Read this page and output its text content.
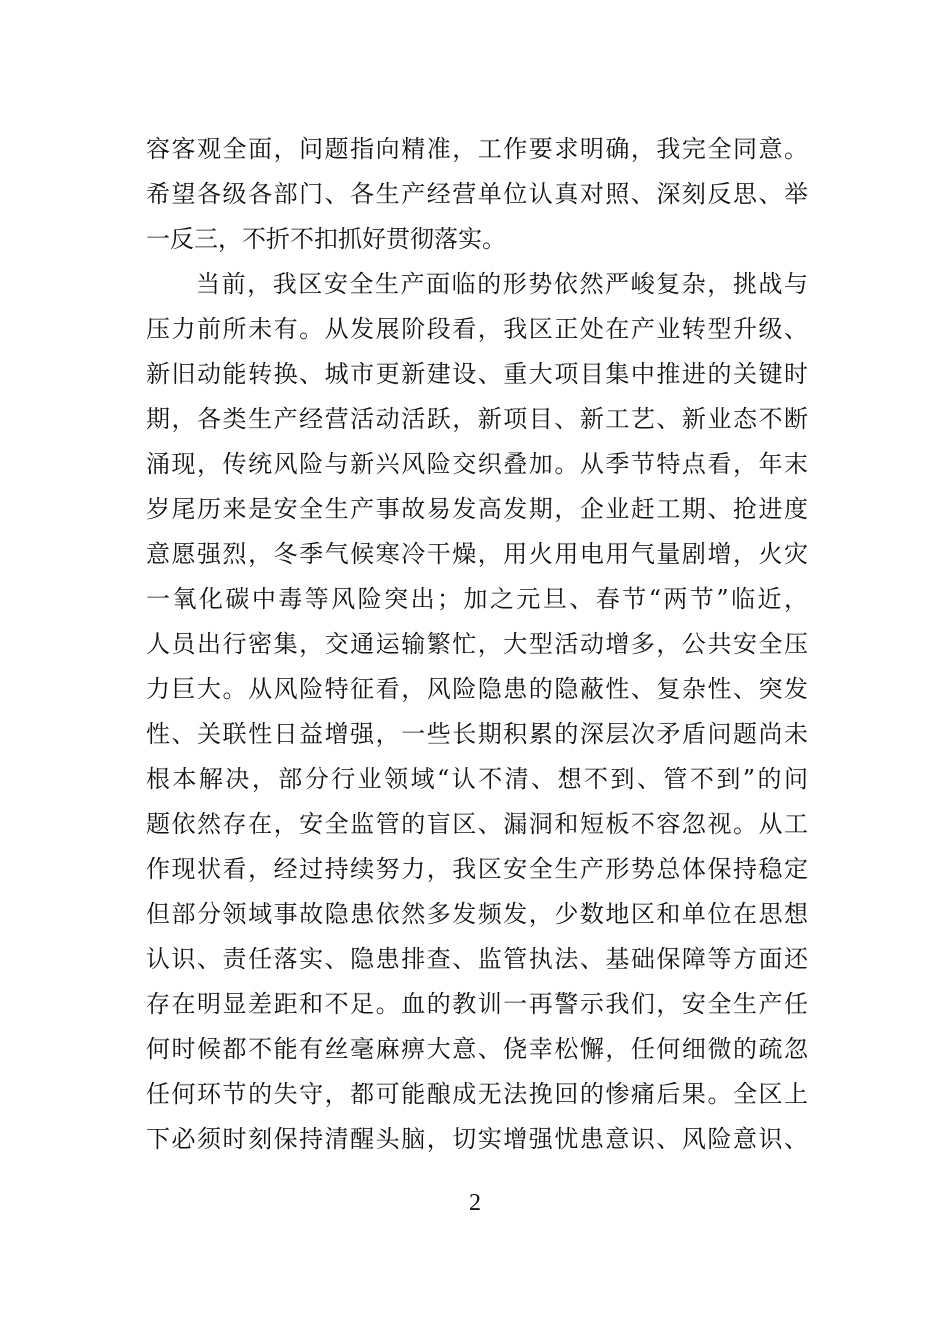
容客观全面，问题指向精准，工作要求明确，我完全同意。
希望各级各部门、各生产经营单位认真对照、深刻反思、举
一反三，不折不扣抓好贯彻落实。
当前，我区安全生产面临的形势依然严峻复杂，挑战与
压力前所未有。从发展阶段看，我区正处在产业转型升级、
新旧动能转换、城市更新建设、重大项目集中推进的关键时
期，各类生产经营活动活跃，新项目、新工艺、新业态不断
涌现，传统风险与新兴风险交织叠加。从季节特点看，年末
岁尾历来是安全生产事故易发高发期，企业赶工期、抢进度
意愿强烈，冬季气候寒冷干燥，用火用电用气量剧增，火灾
一氧化碳中毒等风险突出；加之元旦、春节“两节”临近，
人员出行密集，交通运输繁忙，大型活动增多，公共安全压
力巨大。从风险特征看，风险隐患的隐蔽性、复杂性、突发
性、关联性日益增强，一些长期积累的深层次矛盾问题尚未
根本解决，部分行业领域“认不清、想不到、管不到”的问
题依然存在，安全监管的盲区、漏洞和短板不容忽视。从工
作现状看，经过持续努力，我区安全生产形势总体保持稳定
但部分领域事故隐患依然多发频发，少数地区和单位在思想
认识、责任落实、隐患排查、监管执法、基础保障等方面还
存在明显差距和不足。血的教训一再警示我们，安全生产任
何时候都不能有丝毫麻痹大意、侥幸松懈，任何细微的疏忽
任何环节的失守，都可能酿成无法挽回的惨痛后果。全区上
下必须时刻保持清醒头脑，切实增强忧患意识、风险意识、
2
